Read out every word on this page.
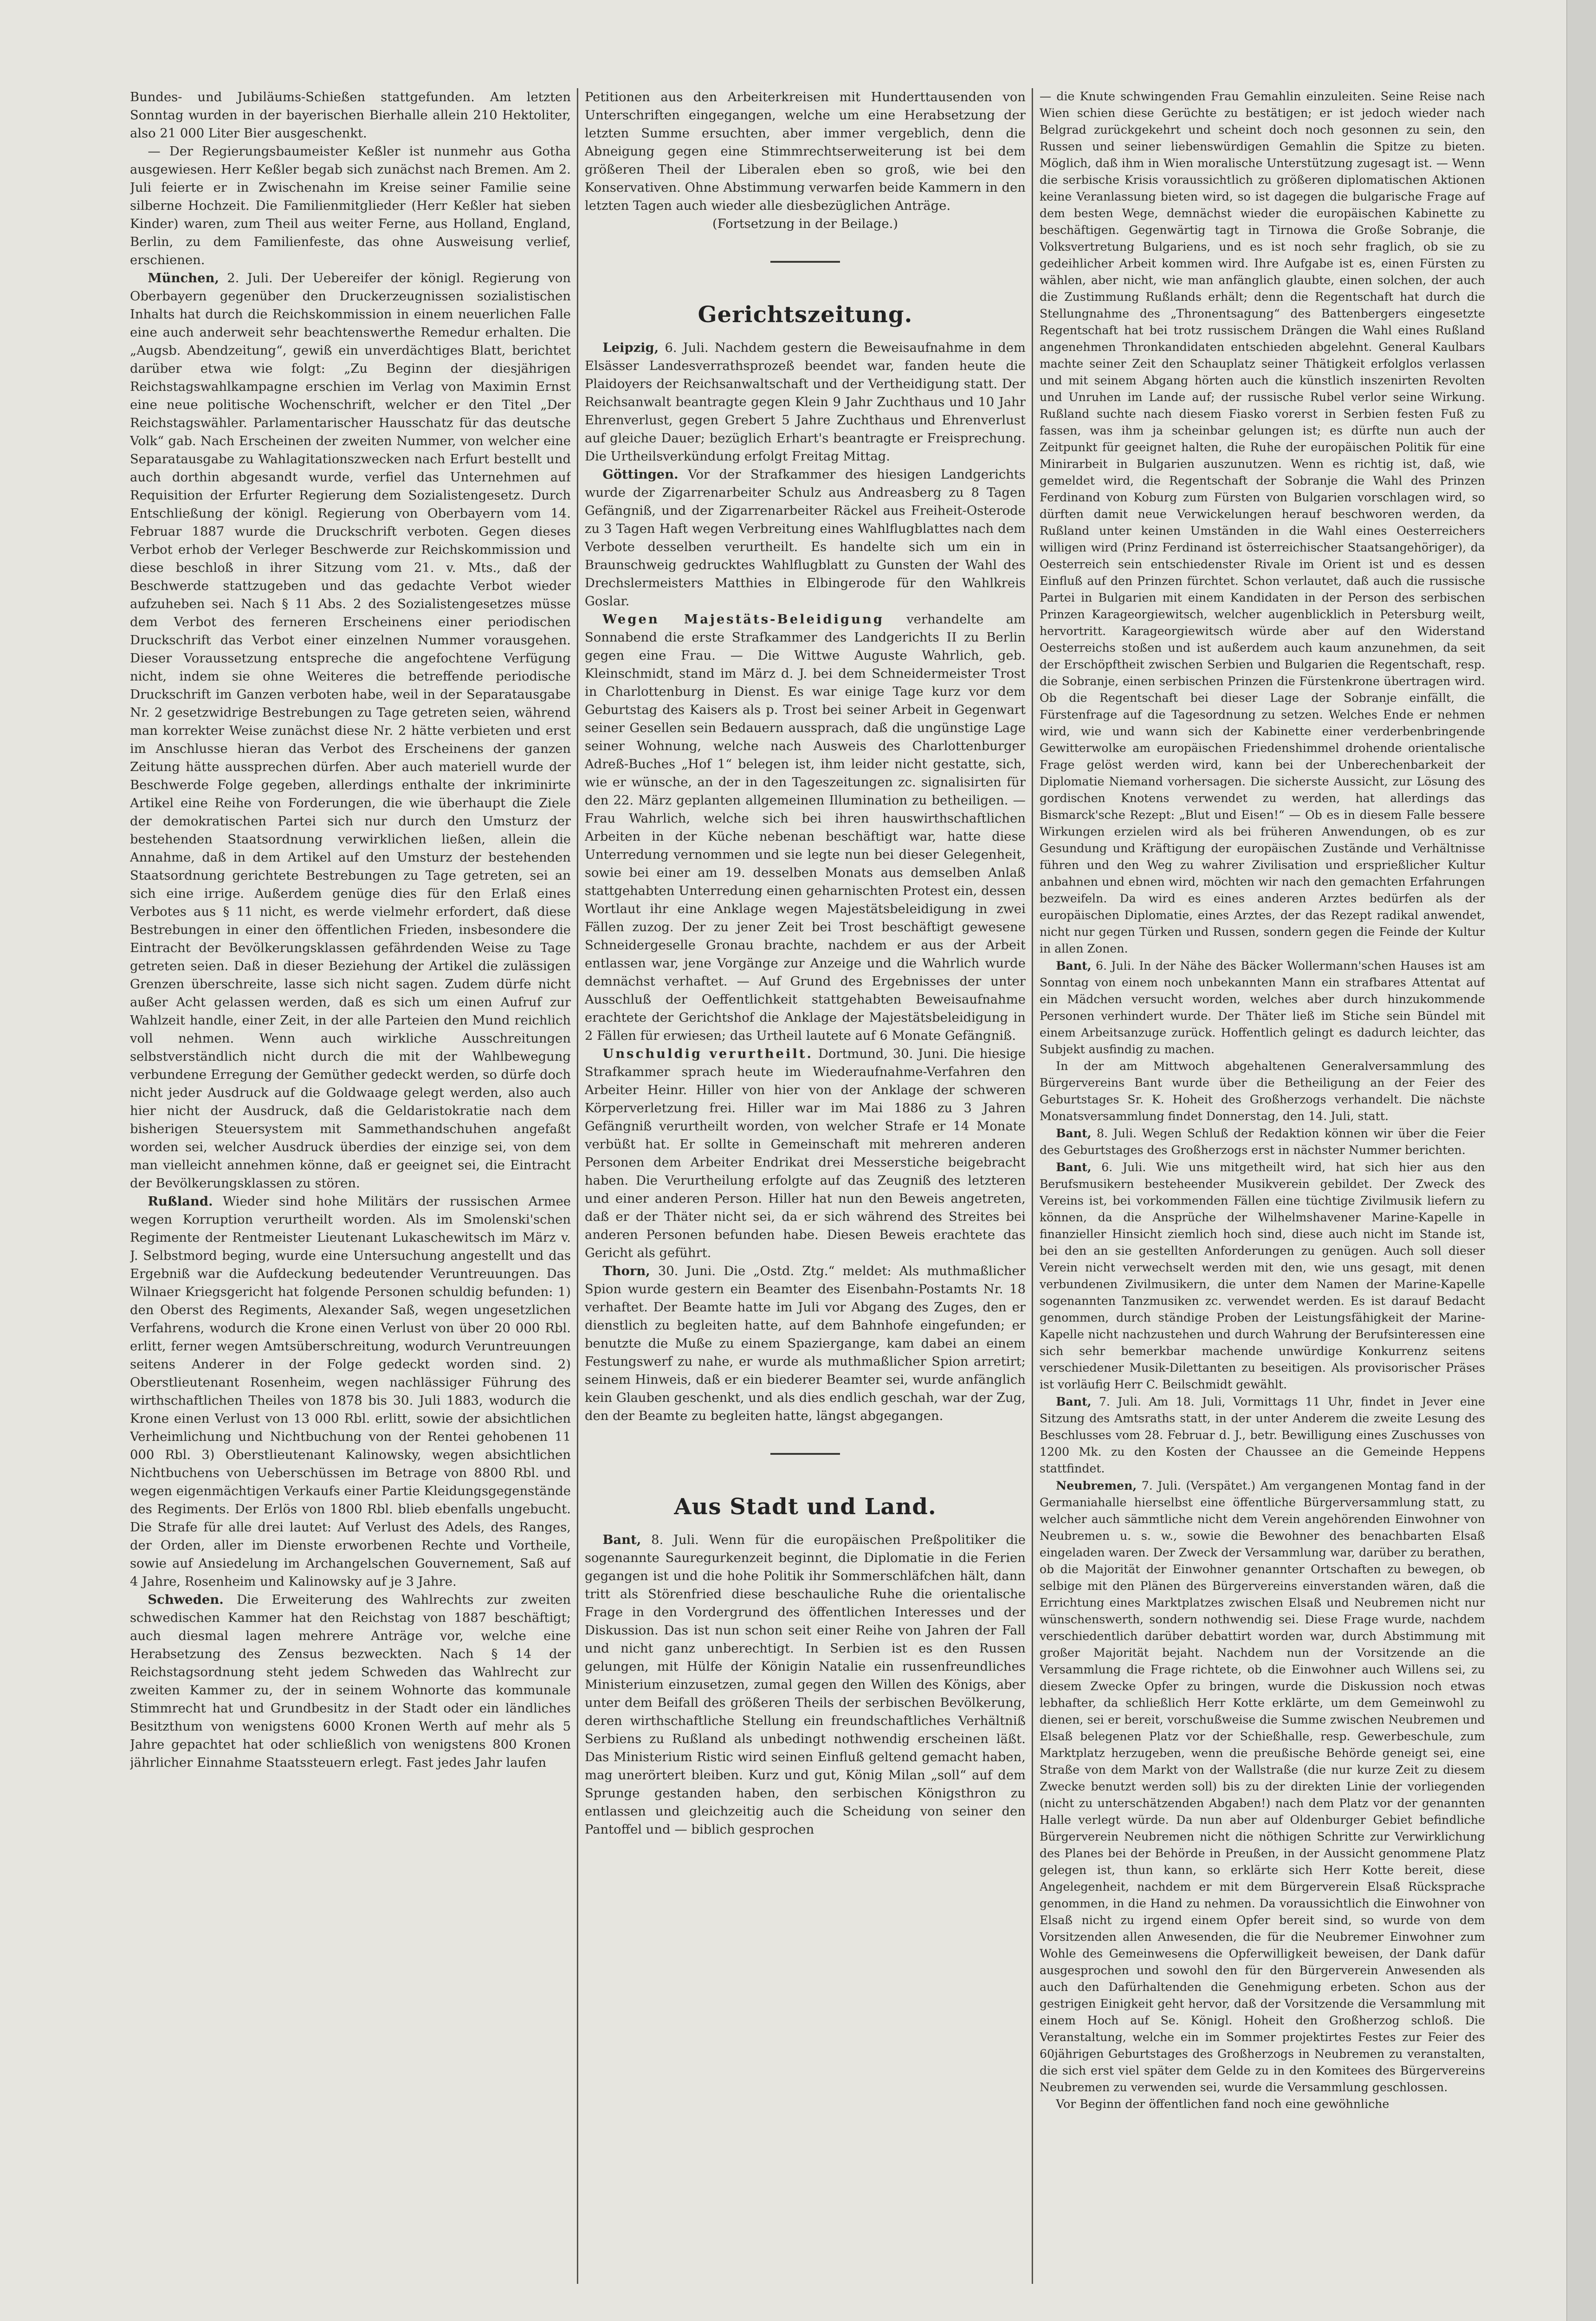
Bundes- und Jubiläums-Schießen stattgefunden. Am letzten Sonntag wurden in der bayerischen Bierhalle allein 210 Hektoliter, also 21 000 Liter Bier ausgeschenkt.

— Der Regierungsbaumeister Keßler ist nunmehr aus Gotha ausgewiesen. Herr Keßler begab sich zunächst nach Bremen. Am 2. Juli feierte er in Zwischenahn im Kreise seiner Familie seine silberne Hochzeit. Die Familienmitglieder (Herr Keßler hat sieben Kinder) waren, zum Theil aus weiter Ferne, aus Holland, England, Berlin, zu dem Familienfeste, das ohne Ausweisung verlief, erschienen.

München, 2. Juli. Der Uebereifer der königl. Regierung von Oberbayern gegenüber den Druckerzeugnissen sozialistischen Inhalts hat durch die Reichskommission in einem neuerlichen Falle eine auch anderweit sehr beachtenswerthe Remedur erhalten. Die „Augsb. Abendzeitung“, gewiß ein unverdächtiges Blatt, berichtet darüber etwa wie folgt: „Zu Beginn der diesjährigen Reichstagswahlkampagne erschien im Verlag von Maximin Ernst eine neue politische Wochenschrift, welcher er den Titel „Der Reichstagswähler. Parlamentarischer Hausschatz für das deutsche Volk“ gab. Nach Erscheinen der zweiten Nummer, von welcher eine Separatausgabe zu Wahlagitationszwecken nach Erfurt bestellt und auch dorthin abgesandt wurde, verfiel das Unternehmen auf Requisition der Erfurter Regierung dem Sozialistengesetz. Durch Entschließung der königl. Regierung von Oberbayern vom 14. Februar 1887 wurde die Druckschrift verboten. Gegen dieses Verbot erhob der Verleger Beschwerde zur Reichskommission und diese beschloß in ihrer Sitzung vom 21. v. Mts., daß der Beschwerde stattzugeben und das gedachte Verbot wieder aufzuheben sei. Nach § 11 Abs. 2 des Sozialistengesetzes müsse dem Verbot des ferneren Erscheinens einer periodischen Druckschrift das Verbot einer einzelnen Nummer vorausgehen. Dieser Voraussetzung entspreche die angefochtene Verfügung nicht, indem sie ohne Weiteres die betreffende periodische Druckschrift im Ganzen verboten habe, weil in der Separatausgabe Nr. 2 gesetzwidrige Bestrebungen zu Tage getreten seien, während man korrekter Weise zunächst diese Nr. 2 hätte verbieten und erst im Anschlusse hieran das Verbot des Erscheinens der ganzen Zeitung hätte aussprechen dürfen. Aber auch materiell wurde der Beschwerde Folge gegeben, allerdings enthalte der inkriminirte Artikel eine Reihe von Forderungen, die wie überhaupt die Ziele der demokratischen Partei sich nur durch den Umsturz der bestehenden Staatsordnung verwirklichen ließen, allein die Annahme, daß in dem Artikel auf den Umsturz der bestehenden Staatsordnung gerichtete Bestrebungen zu Tage getreten, sei an sich eine irrige. Außerdem genüge dies für den Erlaß eines Verbotes aus § 11 nicht, es werde vielmehr erfordert, daß diese Bestrebungen in einer den öffentlichen Frieden, insbesondere die Eintracht der Bevölkerungsklassen gefährdenden Weise zu Tage getreten seien. Daß in dieser Beziehung der Artikel die zulässigen Grenzen überschreite, lasse sich nicht sagen. Zudem dürfe nicht außer Acht gelassen werden, daß es sich um einen Aufruf zur Wahlzeit handle, einer Zeit, in der alle Parteien den Mund reichlich voll nehmen. Wenn auch wirkliche Ausschreitungen selbstverständlich nicht durch die mit der Wahlbewegung verbundene Erregung der Gemüther gedeckt werden, so dürfe doch nicht jeder Ausdruck auf die Goldwaage gelegt werden, also auch hier nicht der Ausdruck, daß die Geldaristokratie nach dem bisherigen Steuersystem mit Sammethandschuhen angefaßt worden sei, welcher Ausdruck überdies der einzige sei, von dem man vielleicht annehmen könne, daß er geeignet sei, die Eintracht der Bevölkerungsklassen zu stören.

Rußland. Wieder sind hohe Militärs der russischen Armee wegen Korruption verurtheilt worden. Als im Smolenski'schen Regimente der Rentmeister Lieutenant Lukaschewitsch im März v. J. Selbstmord beging, wurde eine Untersuchung angestellt und das Ergebniß war die Aufdeckung bedeutender Veruntreuungen. Das Wilnaer Kriegsgericht hat folgende Personen schuldig befunden: 1) den Oberst des Regiments, Alexander Saß, wegen ungesetzlichen Verfahrens, wodurch die Krone einen Verlust von über 20 000 Rbl. erlitt, ferner wegen Amtsüberschreitung, wodurch Veruntreuungen seitens Anderer in der Folge gedeckt worden sind. 2) Oberstlieutenant Rosenheim, wegen nachlässiger Führung des wirthschaftlichen Theiles von 1878 bis 30. Juli 1883, wodurch die Krone einen Verlust von 13 000 Rbl. erlitt, sowie der absichtlichen Verheimlichung und Nichtbuchung von der Rentei gehobenen 11 000 Rbl. 3) Oberstlieutenant Kalinowsky, wegen absichtlichen Nichtbuchens von Ueberschüssen im Betrage von 8800 Rbl. und wegen eigenmächtigen Verkaufs einer Partie Kleidungsgegenstände des Regiments. Der Erlös von 1800 Rbl. blieb ebenfalls ungebucht. Die Strafe für alle drei lautet: Auf Verlust des Adels, des Ranges, der Orden, aller im Dienste erworbenen Rechte und Vortheile, sowie auf Ansiedelung im Archangelschen Gouvernement, Saß auf 4 Jahre, Rosenheim und Kalinowsky auf je 3 Jahre.

Schweden. Die Erweiterung des Wahlrechts zur zweiten schwedischen Kammer hat den Reichstag von 1887 beschäftigt; auch diesmal lagen mehrere Anträge vor, welche eine Herabsetzung des Zensus bezweckten. Nach § 14 der Reichstagsordnung steht jedem Schweden das Wahlrecht zur zweiten Kammer zu, der in seinem Wohnorte das kommunale Stimmrecht hat und Grundbesitz in der Stadt oder ein ländliches Besitzthum von wenigstens 6000 Kronen Werth auf mehr als 5 Jahre gepachtet hat oder schließlich von wenigstens 800 Kronen jährlicher Einnahme Staatssteuern erlegt. Fast jedes Jahr laufen

Petitionen aus den Arbeiterkreisen mit Hunderttausenden von Unterschriften eingegangen, welche um eine Herabsetzung der letzten Summe ersuchten, aber immer vergeblich, denn die Abneigung gegen eine Stimmrechtserweiterung ist bei dem größeren Theil der Liberalen eben so groß, wie bei den Konservativen. Ohne Abstimmung verwarfen beide Kammern in den letzten Tagen auch wieder alle diesbezüglichen Anträge.

(Fortsetzung in der Beilage.)

Gerichtszeitung.

Leipzig, 6. Juli. Nachdem gestern die Beweisaufnahme in dem Elsässer Landesverrathsprozeß beendet war, fanden heute die Plaidoyers der Reichsanwaltschaft und der Vertheidigung statt. Der Reichsanwalt beantragte gegen Klein 9 Jahr Zuchthaus und 10 Jahr Ehrenverlust, gegen Grebert 5 Jahre Zuchthaus und Ehrenverlust auf gleiche Dauer; bezüglich Erhart's beantragte er Freisprechung. Die Urtheilsverkündung erfolgt Freitag Mittag.

Göttingen. Vor der Strafkammer des hiesigen Landgerichts wurde der Zigarrenarbeiter Schulz aus Andreasberg zu 8 Tagen Gefängniß, und der Zigarrenarbeiter Räckel aus Freiheit-Osterode zu 3 Tagen Haft wegen Verbreitung eines Wahlflugblattes nach dem Verbote desselben verurtheilt. Es handelte sich um ein in Braunschweig gedrucktes Wahlflugblatt zu Gunsten der Wahl des Drechslermeisters Matthies in Elbingerode für den Wahlkreis Goslar.

Wegen Majestäts-Beleidigung verhandelte am Sonnabend die erste Strafkammer des Landgerichts II zu Berlin gegen eine Frau. — Die Wittwe Auguste Wahrlich, geb. Kleinschmidt, stand im März d. J. bei dem Schneidermeister Trost in Charlottenburg in Dienst. Es war einige Tage kurz vor dem Geburtstag des Kaisers als p. Trost bei seiner Arbeit in Gegenwart seiner Gesellen sein Bedauern aussprach, daß die ungünstige Lage seiner Wohnung, welche nach Ausweis des Charlottenburger Adreß-Buches „Hof 1“ belegen ist, ihm leider nicht gestatte, sich, wie er wünsche, an der in den Tageszeitungen zc. signalisirten für den 22. März geplanten allgemeinen Illumination zu betheiligen. — Frau Wahrlich, welche sich bei ihren hauswirthschaftlichen Arbeiten in der Küche nebenan beschäftigt war, hatte diese Unterredung vernommen und sie legte nun bei dieser Gelegenheit, sowie bei einer am 19. desselben Monats aus demselben Anlaß stattgehabten Unterredung einen geharnischten Protest ein, dessen Wortlaut ihr eine Anklage wegen Majestätsbeleidigung in zwei Fällen zuzog. Der zu jener Zeit bei Trost beschäftigt gewesene Schneidergeselle Gronau brachte, nachdem er aus der Arbeit entlassen war, jene Vorgänge zur Anzeige und die Wahrlich wurde demnächst verhaftet. — Auf Grund des Ergebnisses der unter Ausschluß der Oeffentlichkeit stattgehabten Beweisaufnahme erachtete der Gerichtshof die Anklage der Majestätsbeleidigung in 2 Fällen für erwiesen; das Urtheil lautete auf 6 Monate Gefängniß.

Unschuldig verurtheilt. Dortmund, 30. Juni. Die hiesige Strafkammer sprach heute im Wiederaufnahme-Verfahren den Arbeiter Heinr. Hiller von hier von der Anklage der schweren Körperverletzung frei. Hiller war im Mai 1886 zu 3 Jahren Gefängniß verurtheilt worden, von welcher Strafe er 14 Monate verbüßt hat. Er sollte in Gemeinschaft mit mehreren anderen Personen dem Arbeiter Endrikat drei Messerstiche beigebracht haben. Die Verurtheilung erfolgte auf das Zeugniß des letzteren und einer anderen Person. Hiller hat nun den Beweis angetreten, daß er der Thäter nicht sei, da er sich während des Streites bei anderen Personen befunden habe. Diesen Beweis erachtete das Gericht als geführt.

Thorn, 30. Juni. Die „Ostd. Ztg.“ meldet: Als muthmaßlicher Spion wurde gestern ein Beamter des Eisenbahn-Postamts Nr. 18 verhaftet. Der Beamte hatte im Juli vor Abgang des Zuges, den er dienstlich zu begleiten hatte, auf dem Bahnhofe eingefunden; er benutzte die Muße zu einem Spaziergange, kam dabei an einem Festungswerf zu nahe, er wurde als muthmaßlicher Spion arretirt; seinem Hinweis, daß er ein biederer Beamter sei, wurde anfänglich kein Glauben geschenkt, und als dies endlich geschah, war der Zug, den der Beamte zu begleiten hatte, längst abgegangen.

Aus Stadt und Land.

Bant, 8. Juli. Wenn für die europäischen Preßpolitiker die sogenannte Sauregurkenzeit beginnt, die Diplomatie in die Ferien gegangen ist und die hohe Politik ihr Sommerschläfchen hält, dann tritt als Störenfried diese beschauliche Ruhe die orientalische Frage in den Vordergrund des öffentlichen Interesses und der Diskussion. Das ist nun schon seit einer Reihe von Jahren der Fall und nicht ganz unberechtigt. In Serbien ist es den Russen gelungen, mit Hülfe der Königin Natalie ein russenfreundliches Ministerium einzusetzen, zumal gegen den Willen des Königs, aber unter dem Beifall des größeren Theils der serbischen Bevölkerung, deren wirthschaftliche Stellung ein freundschaftliches Verhältniß Serbiens zu Rußland als unbedingt nothwendig erscheinen läßt. Das Ministerium Ristic wird seinen Einfluß geltend gemacht haben, mag unerörtert bleiben. Kurz und gut, König Milan „soll“ auf dem Sprunge gestanden haben, den serbischen Königsthron zu entlassen und gleichzeitig auch die Scheidung von seiner den Pantoffel und — biblich gesprochen

— die Knute schwingenden Frau Gemahlin einzuleiten. Seine Reise nach Wien schien diese Gerüchte zu bestätigen; er ist jedoch wieder nach Belgrad zurückgekehrt und scheint doch noch gesonnen zu sein, den Russen und seiner liebenswürdigen Gemahlin die Spitze zu bieten. Möglich, daß ihm in Wien moralische Unterstützung zugesagt ist. — Wenn die serbische Krisis voraussichtlich zu größeren diplomatischen Aktionen keine Veranlassung bieten wird, so ist dagegen die bulgarische Frage auf dem besten Wege, demnächst wieder die europäischen Kabinette zu beschäftigen. Gegenwärtig tagt in Tirnowa die Große Sobranje, die Volksvertretung Bulgariens, und es ist noch sehr fraglich, ob sie zu gedeihlicher Arbeit kommen wird. Ihre Aufgabe ist es, einen Fürsten zu wählen, aber nicht, wie man anfänglich glaubte, einen solchen, der auch die Zustimmung Rußlands erhält; denn die Regentschaft hat durch die Stellungnahme des „Thronentsagung“ des Battenbergers eingesetzte Regentschaft hat bei trotz russischem Drängen die Wahl eines Rußland angenehmen Thronkandidaten entschieden abgelehnt. General Kaulbars machte seiner Zeit den Schauplatz seiner Thätigkeit erfolglos verlassen und mit seinem Abgang hörten auch die künstlich inszenirten Revolten und Unruhen im Lande auf; der russische Rubel verlor seine Wirkung. Rußland suchte nach diesem Fiasko vorerst in Serbien festen Fuß zu fassen, was ihm ja scheinbar gelungen ist; es dürfte nun auch der Zeitpunkt für geeignet halten, die Ruhe der europäischen Politik für eine Minirarbeit in Bulgarien auszunutzen. Wenn es richtig ist, daß, wie gemeldet wird, die Regentschaft der Sobranje die Wahl des Prinzen Ferdinand von Koburg zum Fürsten von Bulgarien vorschlagen wird, so dürften damit neue Verwickelungen herauf beschworen werden, da Rußland unter keinen Umständen in die Wahl eines Oesterreichers willigen wird (Prinz Ferdinand ist österreichischer Staatsangehöriger), da Oesterreich sein entschiedenster Rivale im Orient ist und es dessen Einfluß auf den Prinzen fürchtet. Schon verlautet, daß auch die russische Partei in Bulgarien mit einem Kandidaten in der Person des serbischen Prinzen Karageorgiewitsch, welcher augenblicklich in Petersburg weilt, hervortritt. Karageorgiewitsch würde aber auf den Widerstand Oesterreichs stoßen und ist außerdem auch kaum anzunehmen, da seit der Erschöpftheit zwischen Serbien und Bulgarien die Regentschaft, resp. die Sobranje, einen serbischen Prinzen die Fürstenkrone übertragen wird. Ob die Regentschaft bei dieser Lage der Sobranje einfällt, die Fürstenfrage auf die Tagesordnung zu setzen. Welches Ende er nehmen wird, wie und wann sich der Kabinette einer verderbenbringende Gewitterwolke am europäischen Friedenshimmel drohende orientalische Frage gelöst werden wird, kann bei der Unberechenbarkeit der Diplomatie Niemand vorhersagen. Die sicherste Aussicht, zur Lösung des gordischen Knotens verwendet zu werden, hat allerdings das Bismarck'sche Rezept: „Blut und Eisen!“ — Ob es in diesem Falle bessere Wirkungen erzielen wird als bei früheren Anwendungen, ob es zur Gesundung und Kräftigung der europäischen Zustände und Verhältnisse führen und den Weg zu wahrer Zivilisation und ersprießlicher Kultur anbahnen und ebnen wird, möchten wir nach den gemachten Erfahrungen bezweifeln. Da wird es eines anderen Arztes bedürfen als der europäischen Diplomatie, eines Arztes, der das Rezept radikal anwendet, nicht nur gegen Türken und Russen, sondern gegen die Feinde der Kultur in allen Zonen.

Bant, 6. Juli. In der Nähe des Bäcker Wollermann'schen Hauses ist am Sonntag von einem noch unbekannten Mann ein strafbares Attentat auf ein Mädchen versucht worden, welches aber durch hinzukommende Personen verhindert wurde. Der Thäter ließ im Stiche sein Bündel mit einem Arbeitsanzuge zurück. Hoffentlich gelingt es dadurch leichter, das Subjekt ausfindig zu machen.

In der am Mittwoch abgehaltenen Generalversammlung des Bürgervereins Bant wurde über die Betheiligung an der Feier des Geburtstages Sr. K. Hoheit des Großherzogs verhandelt. Die nächste Monatsversammlung findet Donnerstag, den 14. Juli, statt.

Bant, 8. Juli. Wegen Schluß der Redaktion können wir über die Feier des Geburtstages des Großherzogs erst in nächster Nummer berichten.

Bant, 6. Juli. Wie uns mitgetheilt wird, hat sich hier aus den Berufsmusikern besteheender Musikverein gebildet. Der Zweck des Vereins ist, bei vorkommenden Fällen eine tüchtige Zivilmusik liefern zu können, da die Ansprüche der Wilhelmshavener Marine-Kapelle in finanzieller Hinsicht ziemlich hoch sind, diese auch nicht im Stande ist, bei den an sie gestellten Anforderungen zu genügen. Auch soll dieser Verein nicht verwechselt werden mit den, wie uns gesagt, mit denen verbundenen Zivilmusikern, die unter dem Namen der Marine-Kapelle sogenannten Tanzmusiken zc. verwendet werden. Es ist darauf Bedacht genommen, durch ständige Proben der Leistungsfähigkeit der Marine-Kapelle nicht nachzustehen und durch Wahrung der Berufsinteressen eine sich sehr bemerkbar machende unwürdige Konkurrenz seitens verschiedener Musik-Dilettanten zu beseitigen. Als provisorischer Präses ist vorläufig Herr C. Beilschmidt gewählt.

Bant, 7. Juli. Am 18. Juli, Vormittags 11 Uhr, findet in Jever eine Sitzung des Amtsraths statt, in der unter Anderem die zweite Lesung des Beschlusses vom 28. Februar d. J., betr. Bewilligung eines Zuschusses von 1200 Mk. zu den Kosten der Chaussee an die Gemeinde Heppens stattfindet.

Neubremen, 7. Juli. (Verspätet.) Am vergangenen Montag fand in der Germaniahalle hierselbst eine öffentliche Bürgerversammlung statt, zu welcher auch sämmtliche nicht dem Verein angehörenden Einwohner von Neubremen u. s. w., sowie die Bewohner des benachbarten Elsaß eingeladen waren. Der Zweck der Versammlung war, darüber zu berathen, ob die Majorität der Einwohner genannter Ortschaften zu bewegen, ob selbige mit den Plänen des Bürgervereins einverstanden wären, daß die Errichtung eines Marktplatzes zwischen Elsaß und Neubremen nicht nur wünschenswerth, sondern nothwendig sei. Diese Frage wurde, nachdem verschiedentlich darüber debattirt worden war, durch Abstimmung mit großer Majorität bejaht. Nachdem nun der Vorsitzende an die Versammlung die Frage richtete, ob die Einwohner auch Willens sei, zu diesem Zwecke Opfer zu bringen, wurde die Diskussion noch etwas lebhafter, da schließlich Herr Kotte erklärte, um dem Gemeinwohl zu dienen, sei er bereit, vorschußweise die Summe zwischen Neubremen und Elsaß belegenen Platz vor der Schießhalle, resp. Gewerbeschule, zum Marktplatz herzugeben, wenn die preußische Behörde geneigt sei, eine Straße von dem Markt von der Wallstraße (die nur kurze Zeit zu diesem Zwecke benutzt werden soll) bis zu der direkten Linie der vorliegenden (nicht zu unterschätzenden Abgaben!) nach dem Platz vor der genannten Halle verlegt würde. Da nun aber auf Oldenburger Gebiet befindliche Bürgerverein Neubremen nicht die nöthigen Schritte zur Verwirklichung des Planes bei der Behörde in Preußen, in der Aussicht genommene Platz gelegen ist, thun kann, so erklärte sich Herr Kotte bereit, diese Angelegenheit, nachdem er mit dem Bürgerverein Elsaß Rücksprache genommen, in die Hand zu nehmen. Da voraussichtlich die Einwohner von Elsaß nicht zu irgend einem Opfer bereit sind, so wurde von dem Vorsitzenden allen Anwesenden, die für die Neubremer Einwohner zum Wohle des Gemeinwesens die Opferwilligkeit beweisen, der Dank dafür ausgesprochen und sowohl den für den Bürgerverein Anwesenden als auch den Dafürhaltenden die Genehmigung erbeten. Schon aus der gestrigen Einigkeit geht hervor, daß der Vorsitzende die Versammlung mit einem Hoch auf Se. Königl. Hoheit den Großherzog schloß. Die Veranstaltung, welche ein im Sommer projektirtes Festes zur Feier des 60jährigen Geburtstages des Großherzogs in Neubremen zu veranstalten, die sich erst viel später dem Gelde zu in den Komitees des Bürgervereins Neubremen zu verwenden sei, wurde die Versammlung geschlossen.

Vor Beginn der öffentlichen fand noch eine gewöhnliche
